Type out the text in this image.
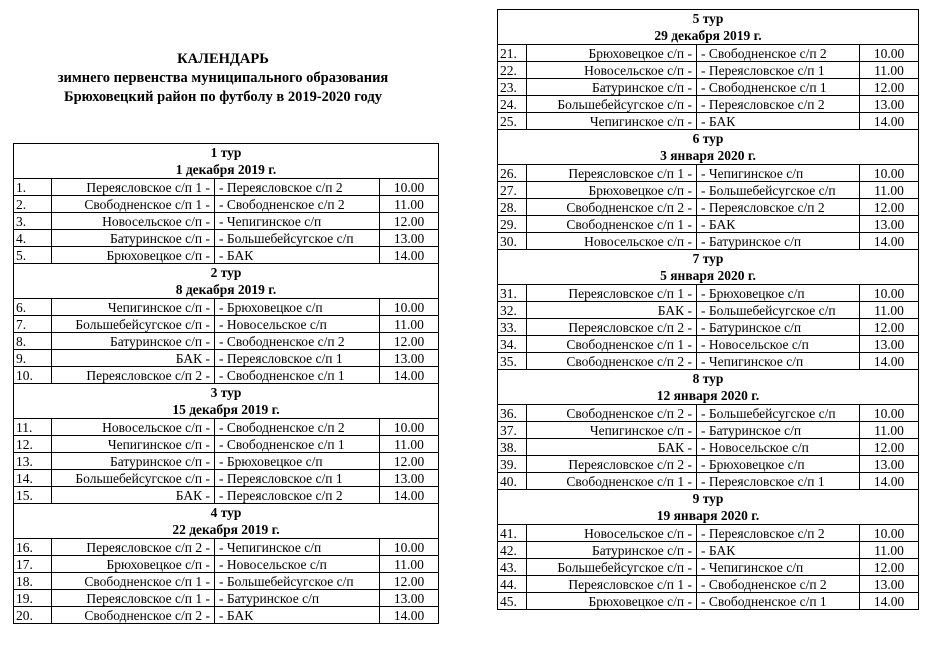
КАЛЕНДАРЬ
зимнего первенства муниципального образования
Брюховецкий район по футболу в 2019-2020 году
1 тур
1 декабря 2019 г.			

1.	Переясловское с/п 1 -	- Переясловское с/п 2	10.00
2.	Свободненское с/п 1 -	- Свободненское с/п 2	11.00
3.	Новосельское с/п -	- Чепигинское с/п	12.00
4.	Батуринское с/п -	- Большебейсугское с/п	13.00
5.	Брюховецкое с/п -	- БАК	14.00

2 тур
8 декабря 2019 г.			

6.	Чепигинское с/п -	- Брюховецкое с/п	10.00
7.	Большебейсугское с/п -	- Новосельское с/п	11.00
8.	Батуринское с/п -	- Свободненское с/п 2	12.00
9.	БАК -	- Переясловское с/п 1	13.00
10.	Переясловское с/п 2 -	- Свободненское с/п 1	14.00

3 тур
15 декабря 2019 г.			

11.	Новосельское с/п -	- Свободненское с/п 2	10.00
12.	Чепигинское с/п -	- Свободненское с/п 1	11.00
13.	Батуринское с/п -	- Брюховецкое с/п	12.00
14.	Большебейсугское с/п -	- Переясловское с/п 1	13.00
15.	БАК -	- Переясловское с/п 2	14.00

4 тур
22 декабря 2019 г.			

16.	Переясловское с/п 2 -	- Чепигинское с/п	10.00
17.	Брюховецкое с/п -	- Новосельское с/п	11.00
18.	Свободненское с/п 1 -	- Большебейсугское с/п	12.00
19.	Переясловское с/п 1 -	- Батуринское с/п	13.00
20.	Свободненское с/п 2 -	- БАК	14.00
5 тур
29 декабря 2019 г.			

21.	Брюховецкое с/п -	- Свободненское с/п 2	10.00
22.	Новосельское с/п -	- Переясловское с/п 1	11.00
23.	Батуринское с/п -	- Свободненское с/п 1	12.00
24.	Большебейсугское с/п -	- Переясловское с/п 2	13.00
25.	Чепигинское с/п -	- БАК	14.00

6 тур
3 января 2020 г.			

26.	Переясловское с/п 1 -	- Чепигинское с/п	10.00
27.	Брюховецкое с/п -	- Большебейсугское с/п	11.00
28.	Свободненское с/п 2 -	- Переясловское с/п 2	12.00
29.	Свободненское с/п 1 -	- БАК	13.00
30.	Новосельское с/п -	- Батуринское с/п	14.00

7 тур
5 января 2020 г.			

31.	Переясловское с/п 1 -	- Брюховецкое с/п	10.00
32.	БАК -	- Большебейсугское с/п	11.00
33.	Переясловское с/п 2 -	- Батуринское с/п	12.00
34.	Свободненское с/п 1 -	- Новосельское с/п	13.00
35.	Свободненское с/п 2 -	- Чепигинское с/п	14.00

8 тур
12 января 2020 г.			

36.	Свободненское с/п 2 -	- Большебейсугское с/п	10.00
37.	Чепигинское с/п -	- Батуринское с/п	11.00
38.	БАК -	- Новосельское с/п	12.00
39.	Переясловское с/п 2 -	- Брюховецкое с/п	13.00
40.	Свободненское с/п 1 -	- Переясловское с/п 1	14.00

9 тур
19 января 2020 г.			

41.	Новосельское с/п -	- Переясловское с/п 2	10.00
42.	Батуринское с/п -	- БАК	11.00
43.	Большебейсугское с/п -	- Чепигинское с/п	12.00
44.	Переясловское с/п 1 -	- Свободненское с/п 2	13.00
45.	Брюховецкое с/п -	- Свободненское с/п 1	14.00
